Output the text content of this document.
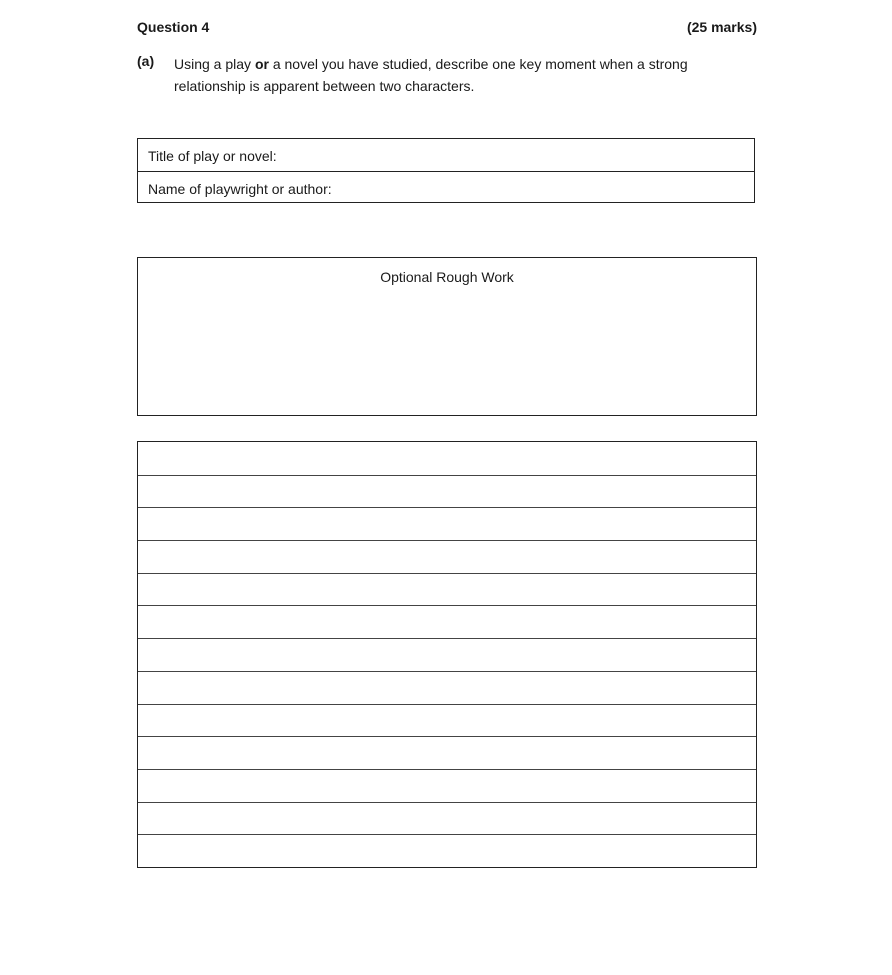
Question 4	(25 marks)
(a) Using a play or a novel you have studied, describe one key moment when a strong relationship is apparent between two characters.
Title of play or novel:
Name of playwright or author:
Optional Rough Work
